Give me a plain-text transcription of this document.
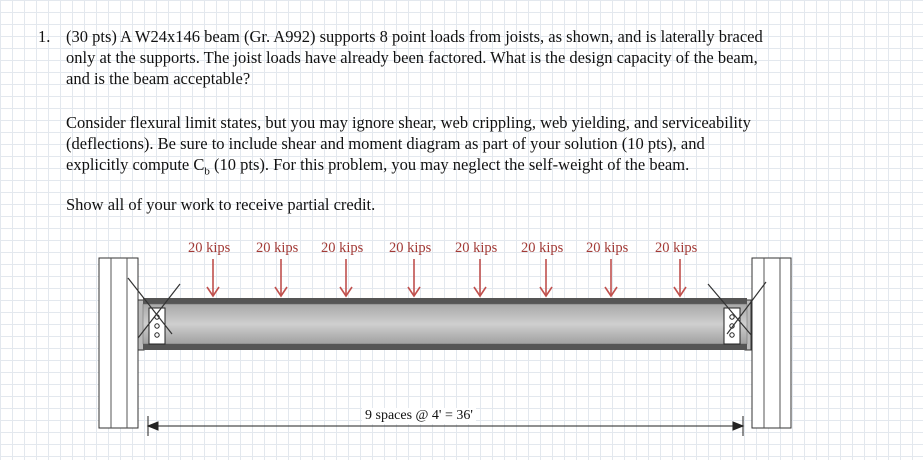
1. (30 pts) A W24x146 beam (Gr. A992) supports 8 point loads from joists, as shown, and is laterally braced
only at the supports. The joist loads have already been factored. What is the design capacity of the beam,
and is the beam acceptable?
Consider flexural limit states, but you may ignore shear, web crippling, web yielding, and serviceability
(deflections). Be sure to include shear and moment diagram as part of your solution (10 pts), and
explicitly compute $C_b$ (10 pts). For this problem, you may neglect the self-weight of the beam.
Show all of your work to receive partial credit.
20 kips 20 kips 20 kips 20 kips 20 kips 20 kips 20 kips 20 kips
9 spaces @ 4' = 36'
